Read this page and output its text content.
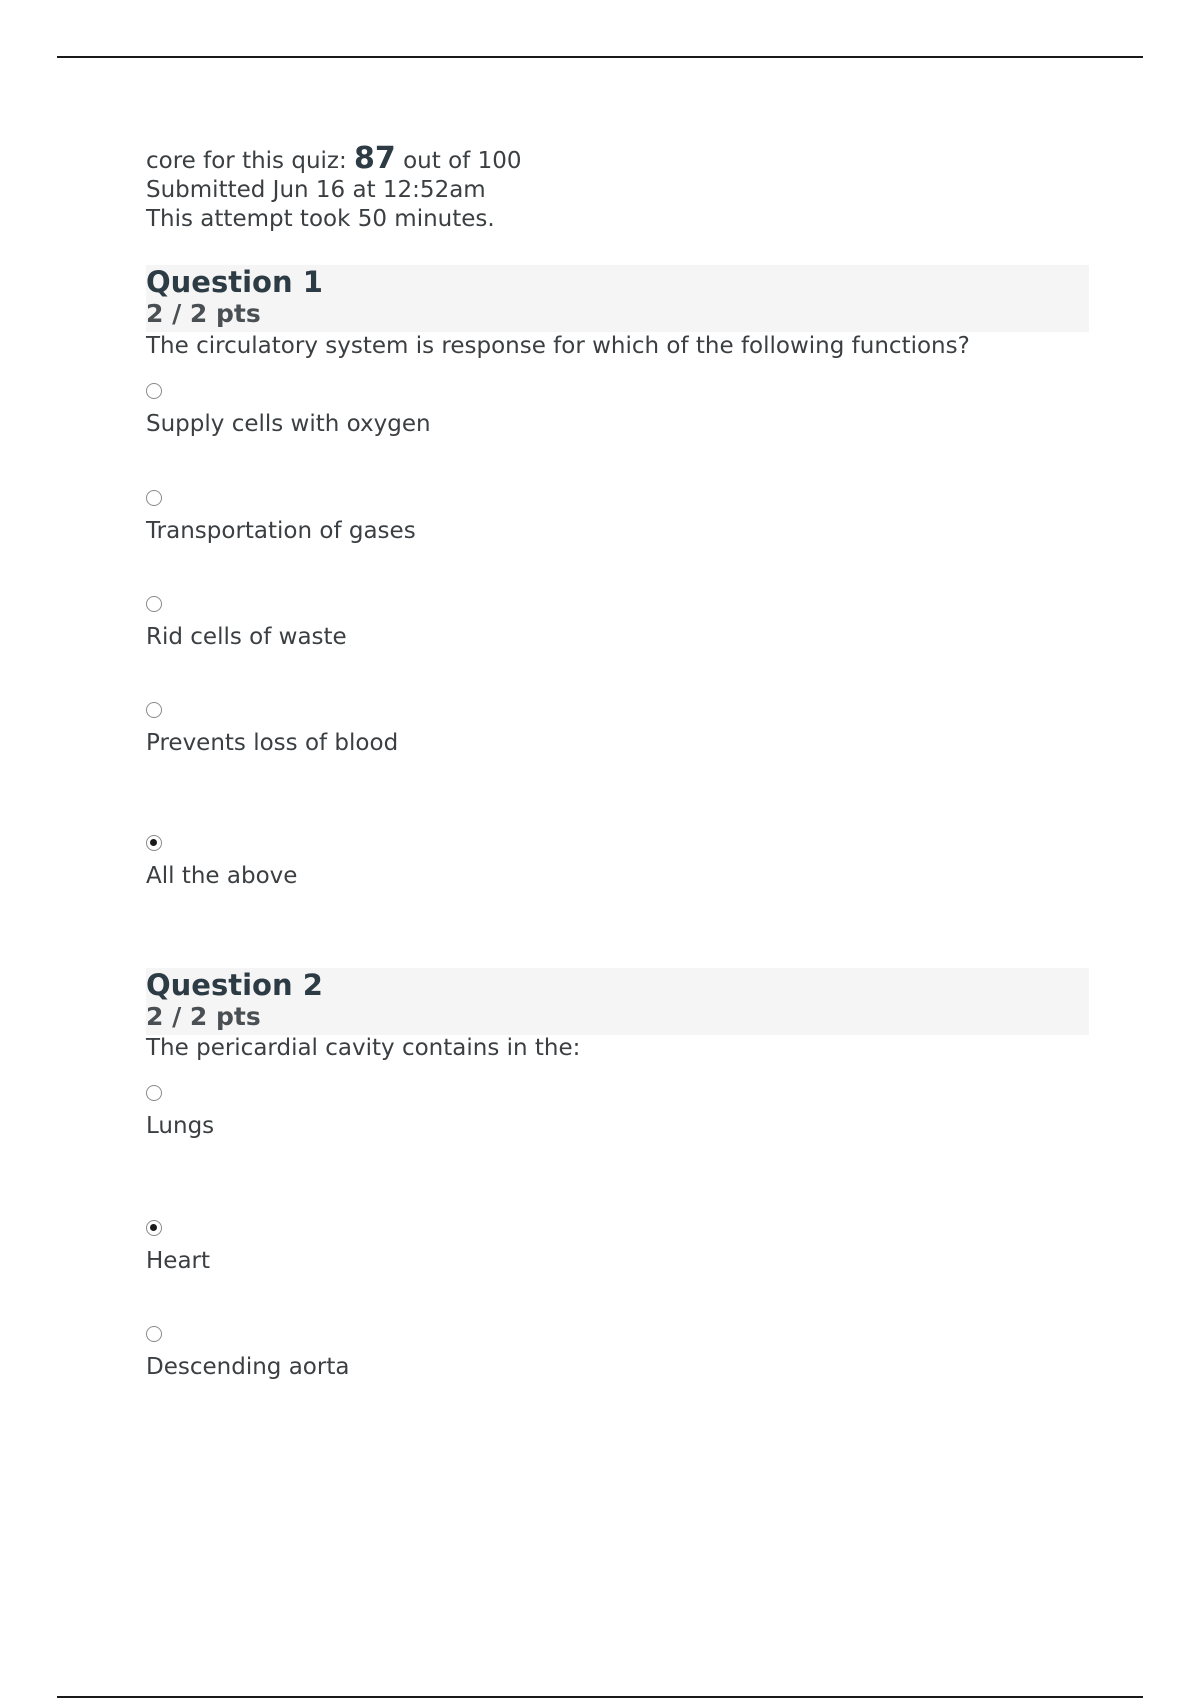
core for this quiz: 87 out of 100
Submitted Jun 16 at 12:52am
This attempt took 50 minutes.
Question 1
2 / 2 pts
The circulatory system is response for which of the following functions?
Supply cells with oxygen
Transportation of gases
Rid cells of waste
Prevents loss of blood
All the above
Question 2
2 / 2 pts
The pericardial cavity contains in the:
Lungs
Heart
Descending aorta
